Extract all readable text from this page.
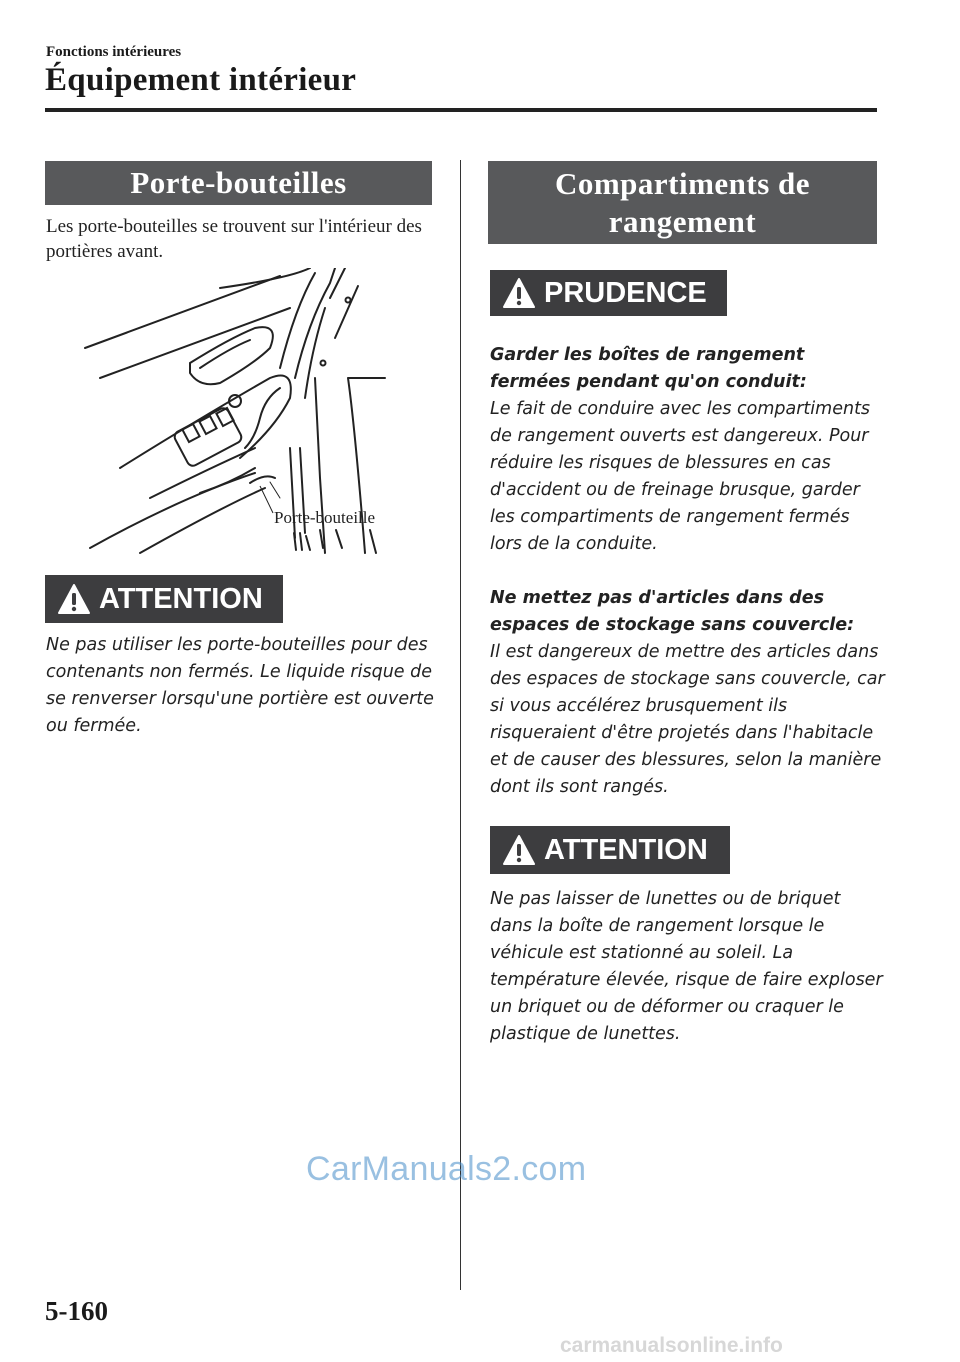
Fonctions intérieures
Équipement intérieur
Porte-bouteilles

Les porte-bouteilles se trouvent sur l'intérieur des portières avant.

Porte-bouteille
ATTENTION

Ne pas utiliser les porte-bouteilles pour des contenants non fermés. Le liquide risque de se renverser lorsqu'une portière est ouverte ou fermée.

Compartiments de
rangement
PRUDENCE

Garder les boîtes de rangement fermées pendant qu'on conduit:

Le fait de conduire avec les compartiments de rangement ouverts est dangereux. Pour réduire les risques de blessures en cas d'accident ou de freinage brusque, garder les compartiments de rangement fermés lors de la conduite.

Ne mettez pas d'articles dans des espaces de stockage sans couvercle:

Il est dangereux de mettre des articles dans des espaces de stockage sans couvercle, car si vous accélérez brusquement ils risqueraient d'être projetés dans l'habitacle et de causer des blessures, selon la manière dont ils sont rangés.

ATTENTION

Ne pas laisser de lunettes ou de briquet dans la boîte de rangement lorsque le véhicule est stationné au soleil. La température élevée, risque de faire exploser un briquet ou de déformer ou craquer le plastique de lunettes.

CarManuals2.com
5-160
carmanualsonline.info
